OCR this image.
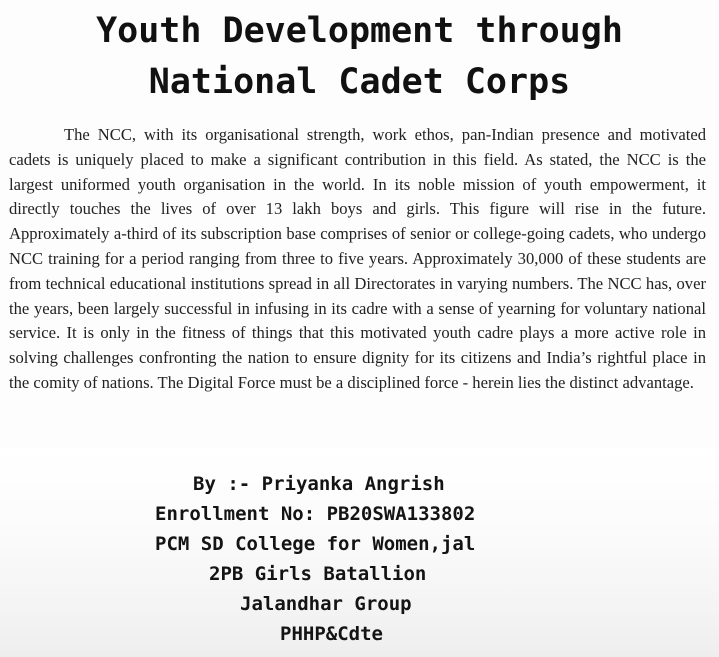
Youth Development through
National Cadet Corps

The NCC, with its organisational strength, work ethos, pan-Indian presence and motivated cadets is uniquely placed to make a significant contribution in this field. As stated, the NCC is the largest uniformed youth organisation in the world. In its noble mission of youth empowerment, it directly touches the lives of over 13 lakh boys and girls. This figure will rise in the future. Approximately a-third of its subscription base comprises of senior or college-going cadets, who undergo NCC training for a period ranging from three to five years. Approximately 30,000 of these students are from technical educational institutions spread in all Directorates in varying numbers. The NCC has, over the years, been largely successful in infusing in its cadre with a sense of yearning for voluntary national service. It is only in the fitness of things that this motivated youth cadre plays a more active role in solving challenges confronting the nation to ensure dignity for its citizens and India’s rightful place in the comity of nations. The Digital Force must be a disciplined force - herein lies the distinct advantage.

By :- Priyanka Angrish
Enrollment No: PB20SWA133802
PCM SD College for Women,jal
2PB Girls Batallion
Jalandhar Group
PHHP&Cdte
